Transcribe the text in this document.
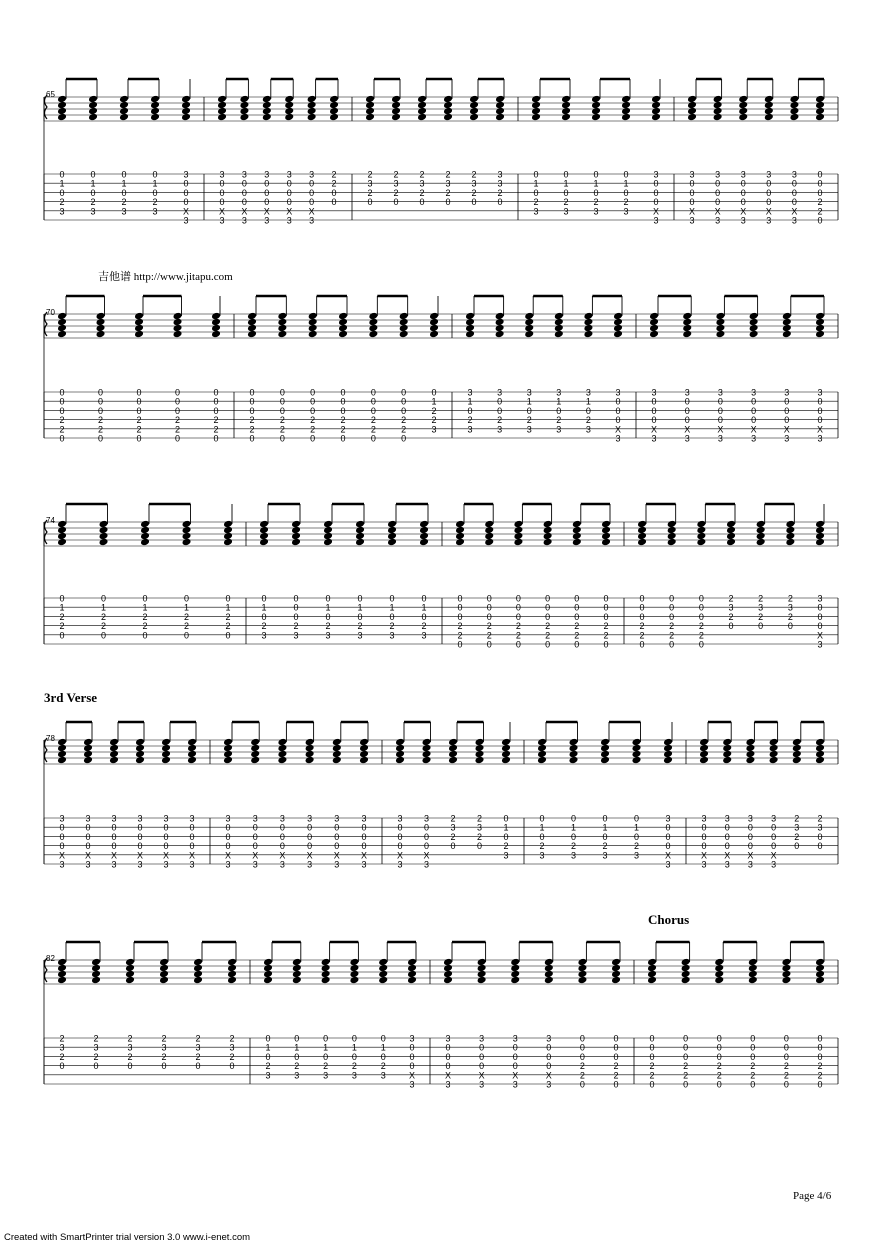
吉他谱 http://www.jitapu.com
3rd Verse
Chorus
65
70
74
78
82
0
1
0
2
3
0
1
0
2
3
0
1
0
2
3
0
1
0
2
3
3
0
0
0
X
3
3
0
0
0
X
3
3
0
0
0
X
3
3
0
0
0
X
3
3
0
0
0
X
3
3
0
0
0
X
3
2
2
0
0
2
3
2
0
2
3
2
0
2
3
2
0
2
3
2
0
2
3
2
0
3
3
2
0
0
1
0
2
3
0
1
0
2
3
0
1
0
2
3
0
1
0
2
3
3
0
0
0
X
3
3
0
0
0
X
3
3
0
0
0
X
3
3
0
0
0
X
3
3
0
0
0
X
3
3
0
0
0
X
3
0
0
0
2
2
0
0
0
0
2
2
0
0
0
0
2
2
0
0
0
0
2
2
0
0
0
0
2
2
0
0
0
0
2
2
0
0
0
0
2
2
0
0
0
0
2
2
0
0
0
0
2
2
0
0
0
0
2
2
0
0
0
0
2
2
0
0
0
0
2
2
0
0
1
2
2
3
3
1
0
2
3
3
0
0
2
3
3
1
0
2
3
3
1
0
2
3
3
1
0
2
3
3
0
0
0
X
3
3
0
0
0
X
3
3
0
0
0
X
3
3
0
0
0
X
3
3
0
0
0
X
3
3
0
0
0
X
3
3
0
0
0
X
3
0
1
2
2
0
0
1
2
2
0
0
1
2
2
0
0
1
2
2
0
0
1
2
2
0
0
1
0
2
3
0
0
0
2
3
0
1
0
2
3
0
1
0
2
3
0
1
0
2
3
0
1
0
2
3
0
0
0
2
2
0
0
0
0
2
2
0
0
0
0
2
2
0
0
0
0
2
2
0
0
0
0
2
2
0
0
0
0
2
2
0
0
0
0
2
2
0
0
0
0
2
2
0
0
0
0
2
2
0
2
3
2
0
2
3
2
0
2
3
2
0
3
0
0
0
X
3
3
0
0
0
X
3
3
0
0
0
X
3
3
0
0
0
X
3
3
0
0
0
X
3
3
0
0
0
X
3
3
0
0
0
X
3
3
0
0
0
X
3
3
0
0
0
X
3
3
0
0
0
X
3
3
0
0
0
X
3
3
0
0
0
X
3
3
0
0
0
X
3
3
0
0
0
X
3
3
0
0
0
X
3
2
3
2
0
2
3
2
0
0
1
0
2
3
0
1
0
2
3
0
1
0
2
3
0
1
0
2
3
0
1
0
2
3
3
0
0
0
X
3
3
0
0
0
X
3
3
0
0
0
X
3
3
0
0
0
X
3
3
0
0
0
X
3
2
3
2
0
2
3
0
0
2
3
2
0
2
3
2
0
2
3
2
0
2
3
2
0
2
3
2
0
2
3
2
0
0
1
0
2
3
0
1
0
2
3
0
1
0
2
3
0
1
0
2
3
0
1
0
2
3
3
0
0
0
X
3
3
0
0
0
X
3
3
0
0
0
X
3
3
0
0
0
X
3
3
0
0
0
X
3
0
0
0
2
2
0
0
0
0
2
2
0
0
0
0
2
2
0
0
0
0
2
2
0
0
0
0
2
2
0
0
0
0
2
2
0
0
0
0
2
2
0
0
0
0
2
2
0
Page 4/6
Created with SmartPrinter trial version 3.0 www.i-enet.com
